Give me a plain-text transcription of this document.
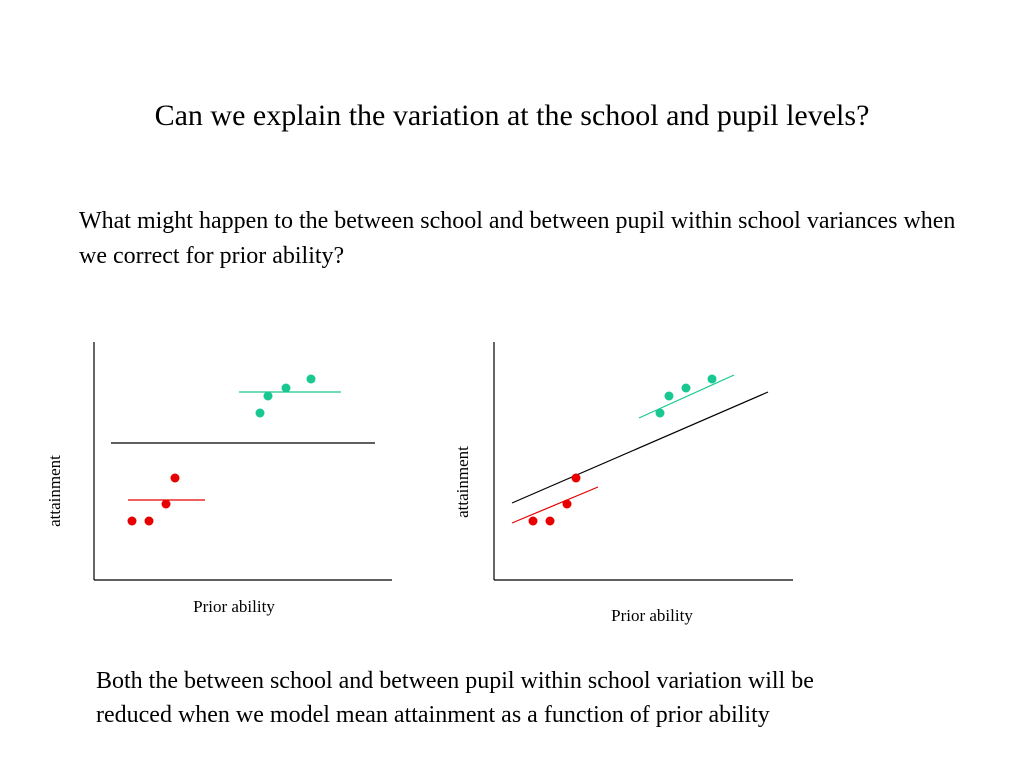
Can we explain the variation at the school and pupil levels?
What might happen to the between school and between pupil within school variances when we correct for prior ability?
Prior ability
attainment
Prior ability
attainment
Both the between school and between pupil within school variation will be reduced when we model mean attainment as a function of prior ability
